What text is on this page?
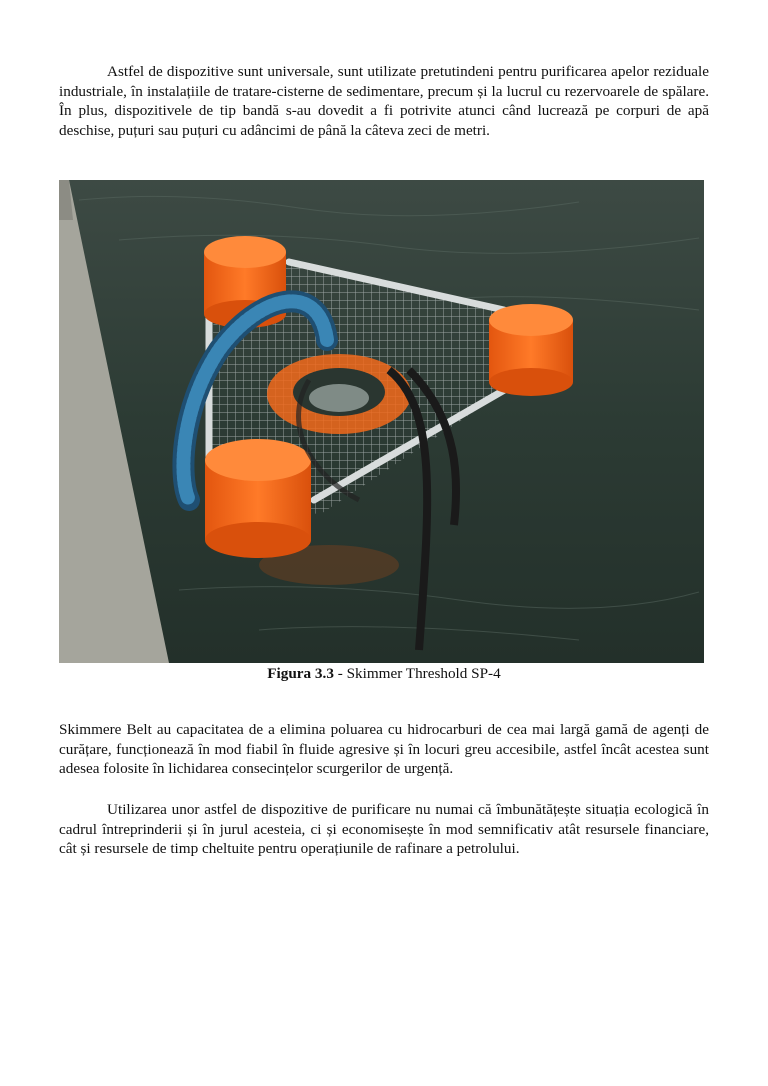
Astfel de dispozitive sunt universale, sunt utilizate pretutindeni pentru purificarea apelor reziduale industriale, în instalațiile de tratare-cisterne de sedimentare, precum și la lucrul cu rezervoarele de spălare. În plus, dispozitivele de tip bandă s-au dovedit a fi potrivite atunci când lucrează pe corpuri de apă deschise, puțuri sau puțuri cu adâncimi de până la câteva zeci de metri.

Figura 3.3 - Skimmer Threshold SP-4

Skimmere Belt au capacitatea de a elimina poluarea cu hidrocarburi de cea mai largă gamă de agenți de curățare, funcționează în mod fiabil în fluide agresive și în locuri greu accesibile, astfel încât acestea sunt adesea folosite în lichidarea consecințelor scurgerilor de urgență.

Utilizarea unor astfel de dispozitive de purificare nu numai că îmbunătățește situația ecologică în cadrul întreprinderii și în jurul acesteia, ci și economisește în mod semnificativ atât resursele financiare, cât și resursele de timp cheltuite pentru operațiunile de rafinare a petrolului.
